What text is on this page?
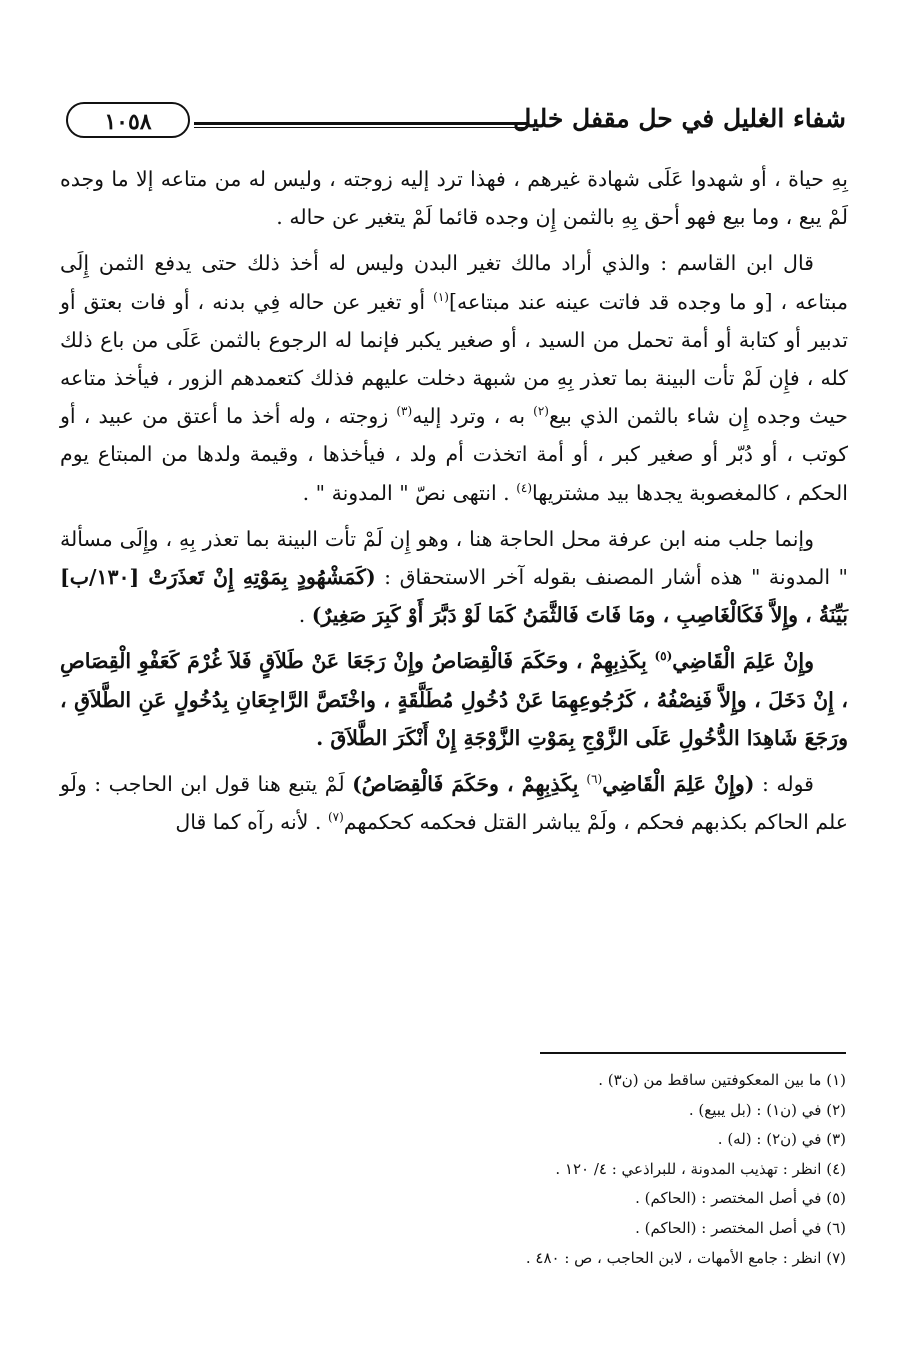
شفاء الغليل في حل مقفل خليل
١٠٥٨

بِهِ حياة ، أو شهدوا عَلَى شهادة غيرهم ، فهذا ترد إليه زوجته ، وليس له من متاعه إلا ما وجده لَمْ يبع ، وما بيع فهو أحق بِهِ بالثمن إِن وجده قائما لَمْ يتغير عن حاله .

قال ابن القاسم : والذي أراد مالك تغير البدن وليس له أخذ ذلك حتى يدفع الثمن إِلَى مبتاعه ، [و ما وجده قد فاتت عينه عند مبتاعه]$^{(١)}$ أو تغير عن حاله فِي بدنه ، أو فات بعتق أو تدبير أو كتابة أو أمة تحمل من السيد ، أو صغير يكبر فإنما له الرجوع بالثمن عَلَى من باع ذلك كله ، فإِن لَمْ تأت البينة بما تعذر بِهِ من شبهة دخلت عليهم فذلك كتعمدهم الزور ، فيأخذ متاعه حيث وجده إِن شاء بالثمن الذي بيع$^{(٢)}$ به ، وترد إليه$^{(٣)}$ زوجته ، وله أخذ ما أعتق من عبيد ، أو كوتب ، أو دُبّر أو صغير كبر ، أو أمة اتخذت أم ولد ، فيأخذها ، وقيمة ولدها من المبتاع يوم الحكم ، كالمغصوبة يجدها بيد مشتريها$^{(٤)}$ . انتهى نصّ " المدونة " .

وإنما جلب منه ابن عرفة محل الحاجة هنا ، وهو إِن لَمْ تأت البينة بما تعذر بِهِ ، وإِلَى مسألة " المدونة " هذه أشار المصنف بقوله آخر الاستحقاق : (كَمَشْهُودٍ بِمَوْتِهِ إِنْ تَعذَرَتْ [١٣٠/ب] بَيِّنَةُ ، وإِلاَّ فَكَالْغَاصِبِ ، ومَا فَاتَ فَالثَّمَنُ كَمَا لَوْ دَبَّرَ أَوْ كَبِرَ صَغِيرٌ) .

وإِنْ عَلِمَ الْقَاضِي$^{(٥)}$ بِكَذِبِهِمْ ، وحَكَمَ فَالْقِصَاصُ وإِنْ رَجَعَا عَنْ طَلاَقٍ فَلاَ غُرْمَ كَعَفْوِ الْقِصَاصِ ، إِنْ دَخَلَ ، وإِلاَّ فَنِصْفُهُ ، كَرُجُوعِهِمَا عَنْ دُخُولِ مُطَلَّقَةٍ ، واخْتَصَّ الرَّاجِعَانِ بِدُخُولٍ عَنِ الطَّلاَقِ ، ورَجَعَ شَاهِدَا الدُّخُولِ عَلَى الزَّوْجِ بِمَوْتِ الزَّوْجَةِ إِنْ أَنْكَرَ الطَّلاَقَ .

قوله : (وإِنْ عَلِمَ الْقَاضِي$^{(٦)}$ بِكَذِبِهِمْ ، وحَكَمَ فَالْقِصَاصُ) لَمْ يتبع هنا قول ابن الحاجب : ولَو علم الحاكم بكذبهم فحكم ، ولَمْ يباشر القتل فحكمه كحكمهم$^{(٧)}$ . لأنه رآه كما قال

(١) ما بين المعكوفتين ساقط من (ن٣) .

(٢) في (ن١) : (بل يبيع) .

(٣) في (ن٢) : (له) .

(٤) انظر : تهذيب المدونة ، للبراذعي : ٤/ ١٢٠ .

(٥) في أصل المختصر : (الحاكم) .

(٦) في أصل المختصر : (الحاكم) .

(٧) انظر : جامع الأمهات ، لابن الحاجب ، ص : ٤٨٠ .
